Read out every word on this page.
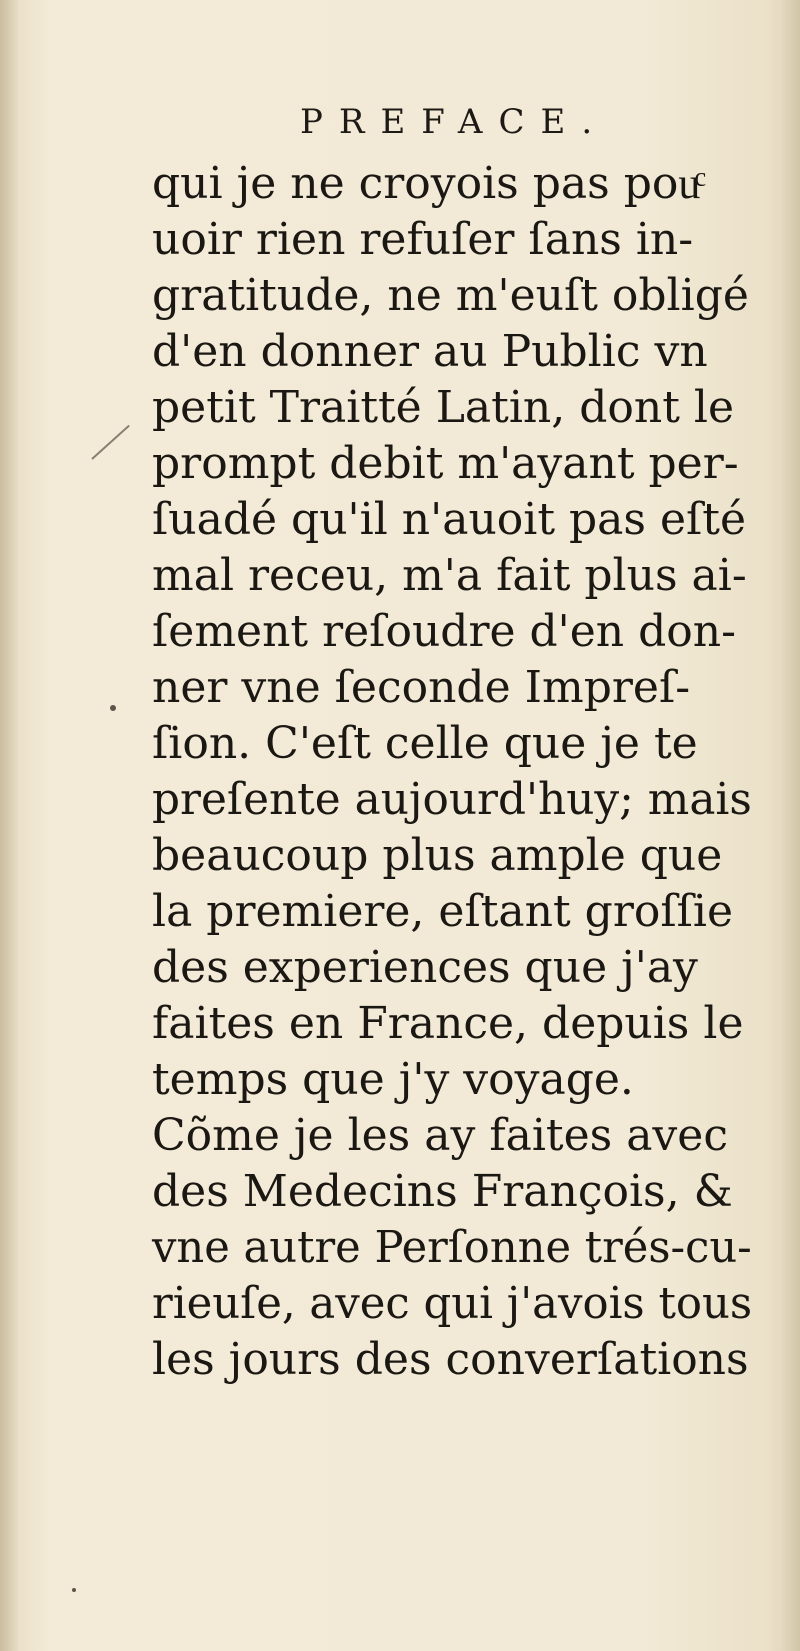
PREFACE.
qui je ne croyois pas pouͨ
uoir rien refuſer ſans in-
gratitude, ne m'euſt obligé
d'en donner au Public vn
petit Traitté Latin, dont le
prompt debit m'ayant per-
ſuadé qu'il n'auoit pas eſté
mal receu, m'a fait plus ai-
ſement reſoudre d'en don-
ner vne ſeconde Impreſ-
ſion. C'eſt celle que je te
preſente aujourd'huy; mais
beaucoup plus ample que
la premiere, eſtant groſſie
des experiences que j'ay
faites en France, depuis le
temps que j'y voyage.
Cõme je les ay faites avec
des Medecins François, &
vne autre Perſonne trés-cu-
rieuſe, avec qui j'avois tous
les jours des converſations
